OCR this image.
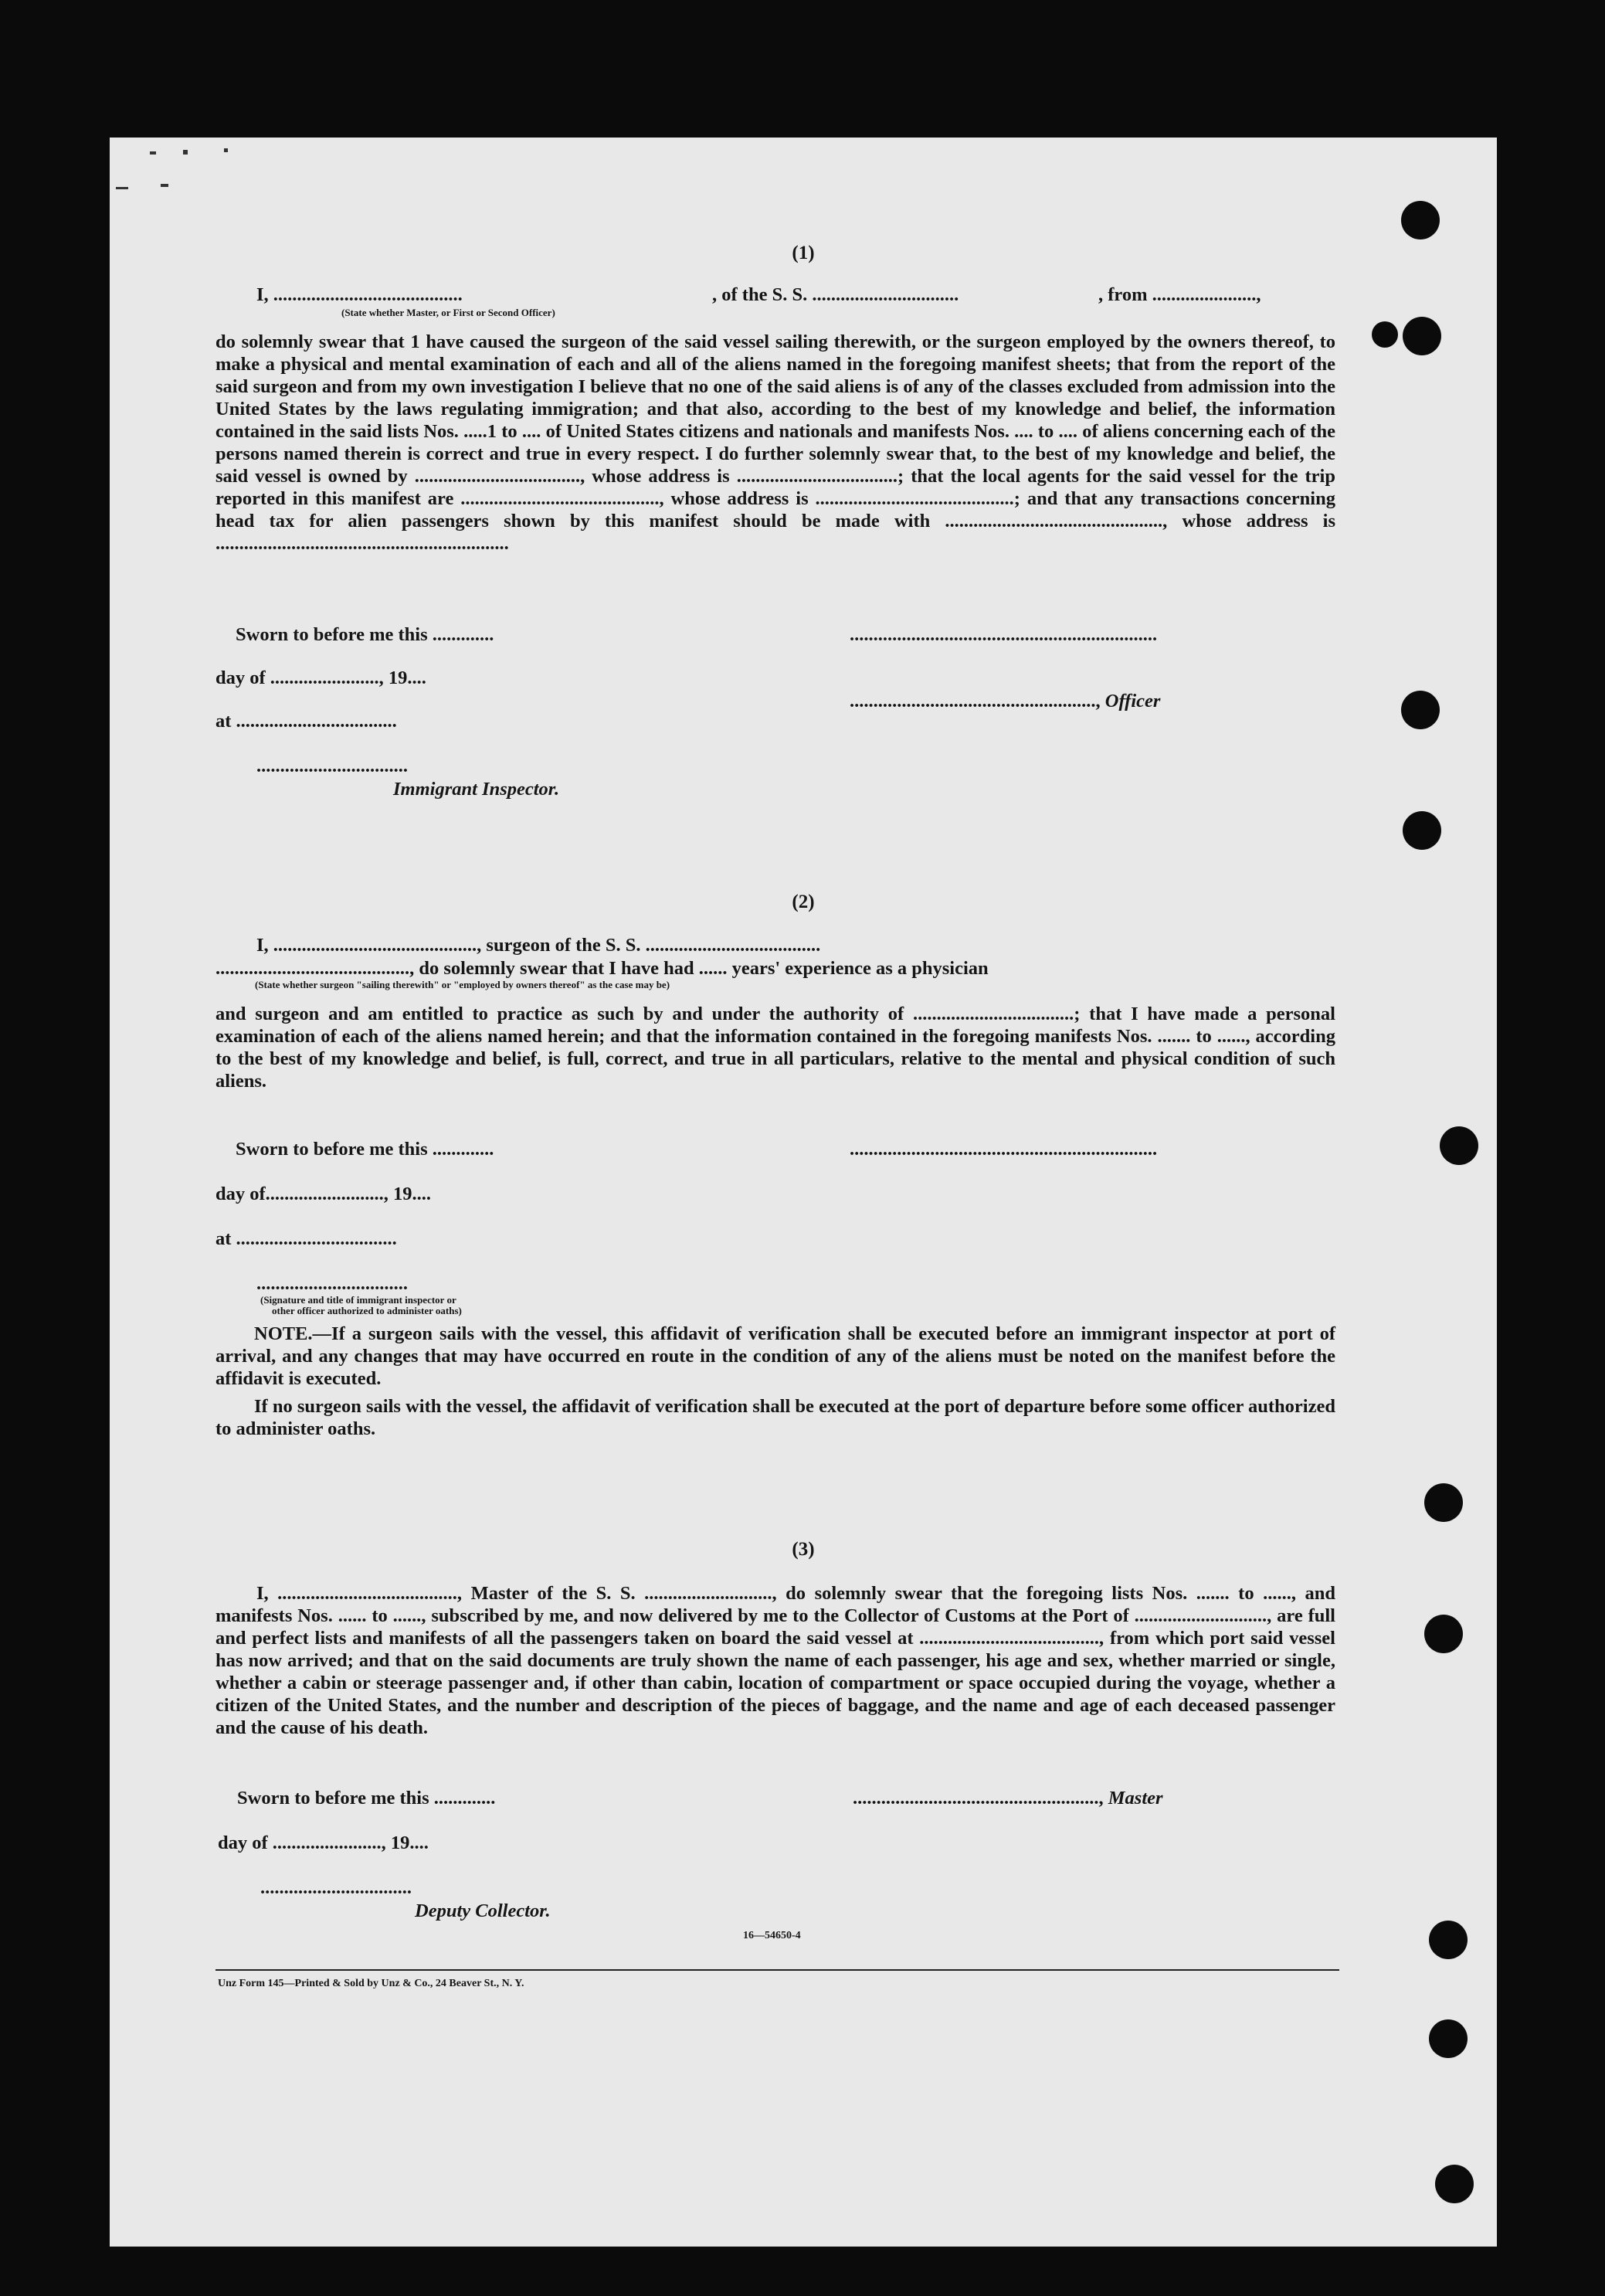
(1)
I, ........................................	, of the S. S. ...............................	, from ......................,
(State whether Master, or First or Second Officer)
do solemnly swear that 1 have caused the surgeon of the said vessel sailing therewith, or the surgeon employed by the owners thereof, to make a physical and mental examination of each and all of the aliens named in the foregoing manifest sheets; that from the report of the said surgeon and from my own investigation I believe that no one of the said aliens is of any of the classes excluded from admission into the United States by the laws regulating immigration; and that also, according to the best of my knowledge and belief, the information contained in the said lists Nos. .....1 to .... of United States citizens and nationals and manifests Nos. .... to .... of aliens concerning each of the persons named therein is correct and true in every respect. I do further solemnly swear that, to the best of my knowledge and belief, the said vessel is owned by ..................................., whose address is ..................................; that the local agents for the said vessel for the trip reported in this manifest are .........................................., whose address is ..........................................; and that any transactions concerning head tax for alien passengers shown by this manifest should be made with .............................................., whose address is ..............................................................
Sworn to before me this .............	.................................................................
day of ......................., 19....
...................................................., Officer
at ..................................
................................
Immigrant Inspector.
(2)
I, ..........................................., surgeon of the S. S. .....................................
........................................., do solemnly swear that I have had ...... years' experience as a physician
(State whether surgeon "sailing therewith" or "employed by owners thereof" as the case may be)
and surgeon and am entitled to practice as such by and under the authority of ..................................; that I have made a personal examination of each of the aliens named herein; and that the information contained in the foregoing manifests Nos. ....... to ......, according to the best of my knowledge and belief, is full, correct, and true in all particulars, relative to the mental and physical condition of such aliens.
Sworn to before me this .............	.................................................................
day of........................., 19....
at ..................................
................................
(Signature and title of immigrant inspector or
other officer authorized to administer oaths)
NOTE.—If a surgeon sails with the vessel, this affidavit of verification shall be executed before an immigrant inspector at port of arrival, and any changes that may have occurred en route in the condition of any of the aliens must be noted on the manifest before the affidavit is executed.
If no surgeon sails with the vessel, the affidavit of verification shall be executed at the port of departure before some officer authorized to administer oaths.
(3)
I, ......................................, Master of the S. S. ..........................., do solemnly swear that the foregoing lists Nos. ....... to ......, and manifests Nos. ...... to ......, subscribed by me, and now delivered by me to the Collector of Customs at the Port of ............................, are full and perfect lists and manifests of all the passengers taken on board the said vessel at ......................................, from which port said vessel has now arrived; and that on the said documents are truly shown the name of each passenger, his age and sex, whether married or single, whether a cabin or steerage passenger and, if other than cabin, location of compartment or space occupied during the voyage, whether a citizen of the United States, and the number and description of the pieces of baggage, and the name and age of each deceased passenger and the cause of his death.
Sworn to before me this .............	...................................................., Master
day of ......................., 19....
................................
Deputy Collector.
16—54650-4
Unz Form 145—Printed & Sold by Unz & Co., 24 Beaver St., N. Y.
